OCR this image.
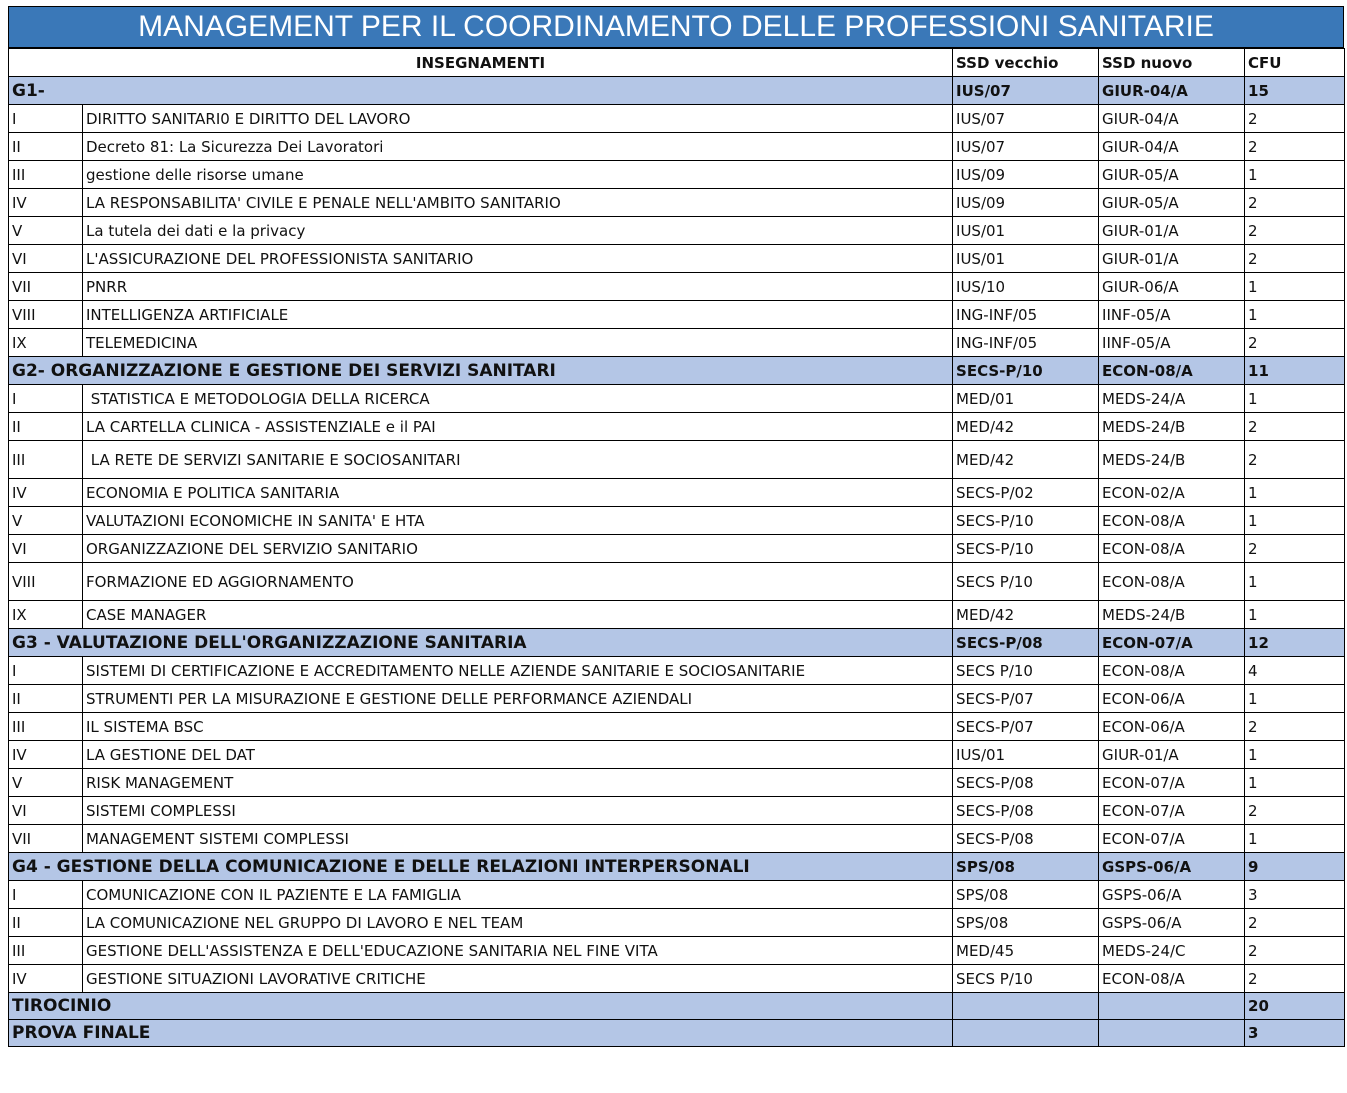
MANAGEMENT PER IL COORDINAMENTO DELLE PROFESSIONI SANITARIE
INSEGNAMENTI		SSD vecchio	SSD nuovo	CFU
G1-		IUS/07	GIUR-04/A	15
I	DIRITTO SANITARI0 E DIRITTO DEL LAVORO	IUS/07	GIUR-04/A	2
II	Decreto 81: La Sicurezza Dei Lavoratori	IUS/07	GIUR-04/A	2
III	gestione delle risorse umane	IUS/09	GIUR-05/A	1
IV	LA RESPONSABILITA' CIVILE E PENALE NELL'AMBITO SANITARIO	IUS/09	GIUR-05/A	2
V	La tutela dei dati e la privacy	IUS/01	GIUR-01/A	2
VI	L'ASSICURAZIONE DEL PROFESSIONISTA SANITARIO	IUS/01	GIUR-01/A	2
VII	PNRR	IUS/10	GIUR-06/A	1
VIII	INTELLIGENZA ARTIFICIALE	ING-INF/05	IINF-05/A	1
IX	TELEMEDICINA	ING-INF/05	IINF-05/A	2
G2- ORGANIZZAZIONE E GESTIONE DEI SERVIZI SANITARI		SECS-P/10	ECON-08/A	11
I	STATISTICA E METODOLOGIA DELLA RICERCA	MED/01	MEDS-24/A	1
II	LA CARTELLA CLINICA - ASSISTENZIALE e il PAI	MED/42	MEDS-24/B	2
III	LA RETE DE SERVIZI SANITARIE E SOCIOSANITARI	MED/42	MEDS-24/B	2
IV	ECONOMIA E POLITICA SANITARIA	SECS-P/02	ECON-02/A	1
V	VALUTAZIONI ECONOMICHE IN SANITA' E HTA	SECS-P/10	ECON-08/A	1
VI	ORGANIZZAZIONE DEL SERVIZIO SANITARIO	SECS-P/10	ECON-08/A	2
VIII	FORMAZIONE ED AGGIORNAMENTO	SECS P/10	ECON-08/A	1
IX	CASE MANAGER	MED/42	MEDS-24/B	1
G3 - VALUTAZIONE DELL'ORGANIZZAZIONE SANITARIA		SECS-P/08	ECON-07/A	12
I	SISTEMI DI CERTIFICAZIONE E ACCREDITAMENTO NELLE AZIENDE SANITARIE E SOCIOSANITARIE	SECS P/10	ECON-08/A	4
II	STRUMENTI PER LA MISURAZIONE E GESTIONE DELLE PERFORMANCE AZIENDALI	SECS-P/07	ECON-06/A	1
III	IL SISTEMA BSC	SECS-P/07	ECON-06/A	2
IV	LA GESTIONE DEL DAT	IUS/01	GIUR-01/A	1
V	RISK MANAGEMENT	SECS-P/08	ECON-07/A	1
VI	SISTEMI COMPLESSI	SECS-P/08	ECON-07/A	2
VII	MANAGEMENT SISTEMI COMPLESSI	SECS-P/08	ECON-07/A	1
G4 - GESTIONE DELLA COMUNICAZIONE E DELLE RELAZIONI INTERPERSONALI		SPS/08	GSPS-06/A	9
I	COMUNICAZIONE CON IL PAZIENTE E LA FAMIGLIA	SPS/08	GSPS-06/A	3
II	LA COMUNICAZIONE NEL GRUPPO DI LAVORO E NEL TEAM	SPS/08	GSPS-06/A	2
III	GESTIONE DELL'ASSISTENZA E DELL'EDUCAZIONE SANITARIA NEL FINE VITA	MED/45	MEDS-24/C	2
IV	GESTIONE SITUAZIONI LAVORATIVE CRITICHE	SECS P/10	ECON-08/A	2
TIROCINIO				20
PROVA FINALE				3
